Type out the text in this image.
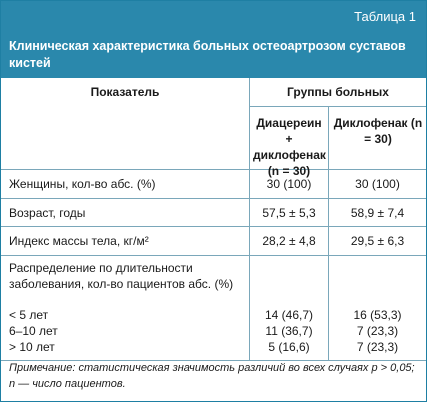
Таблица 1
Клиническая характеристика больных остеоартрозом суставов кистей
Показатель	Группы больных
Диацереин + диклофенак (n = 30)
Диклофенак (n = 30)
Женщины, кол-во абс. (%)	30 (100)	30 (100)
Возраст, годы	57,5 ± 5,3	58,9 ± 7,4
Индекс массы тела, кг/м²	28,2 ± 4,8	29,5 ± 6,3
Распределение по длительности заболевания, кол-во пациентов абс. (%)
< 5 лет	14 (46,7)	16 (53,3)
6–10 лет	11 (36,7)	7 (23,3)
> 10 лет	5 (16,6)	7 (23,3)
Примечание: статистическая значимость различий во всех случаях р > 0,05; n — число пациентов.
